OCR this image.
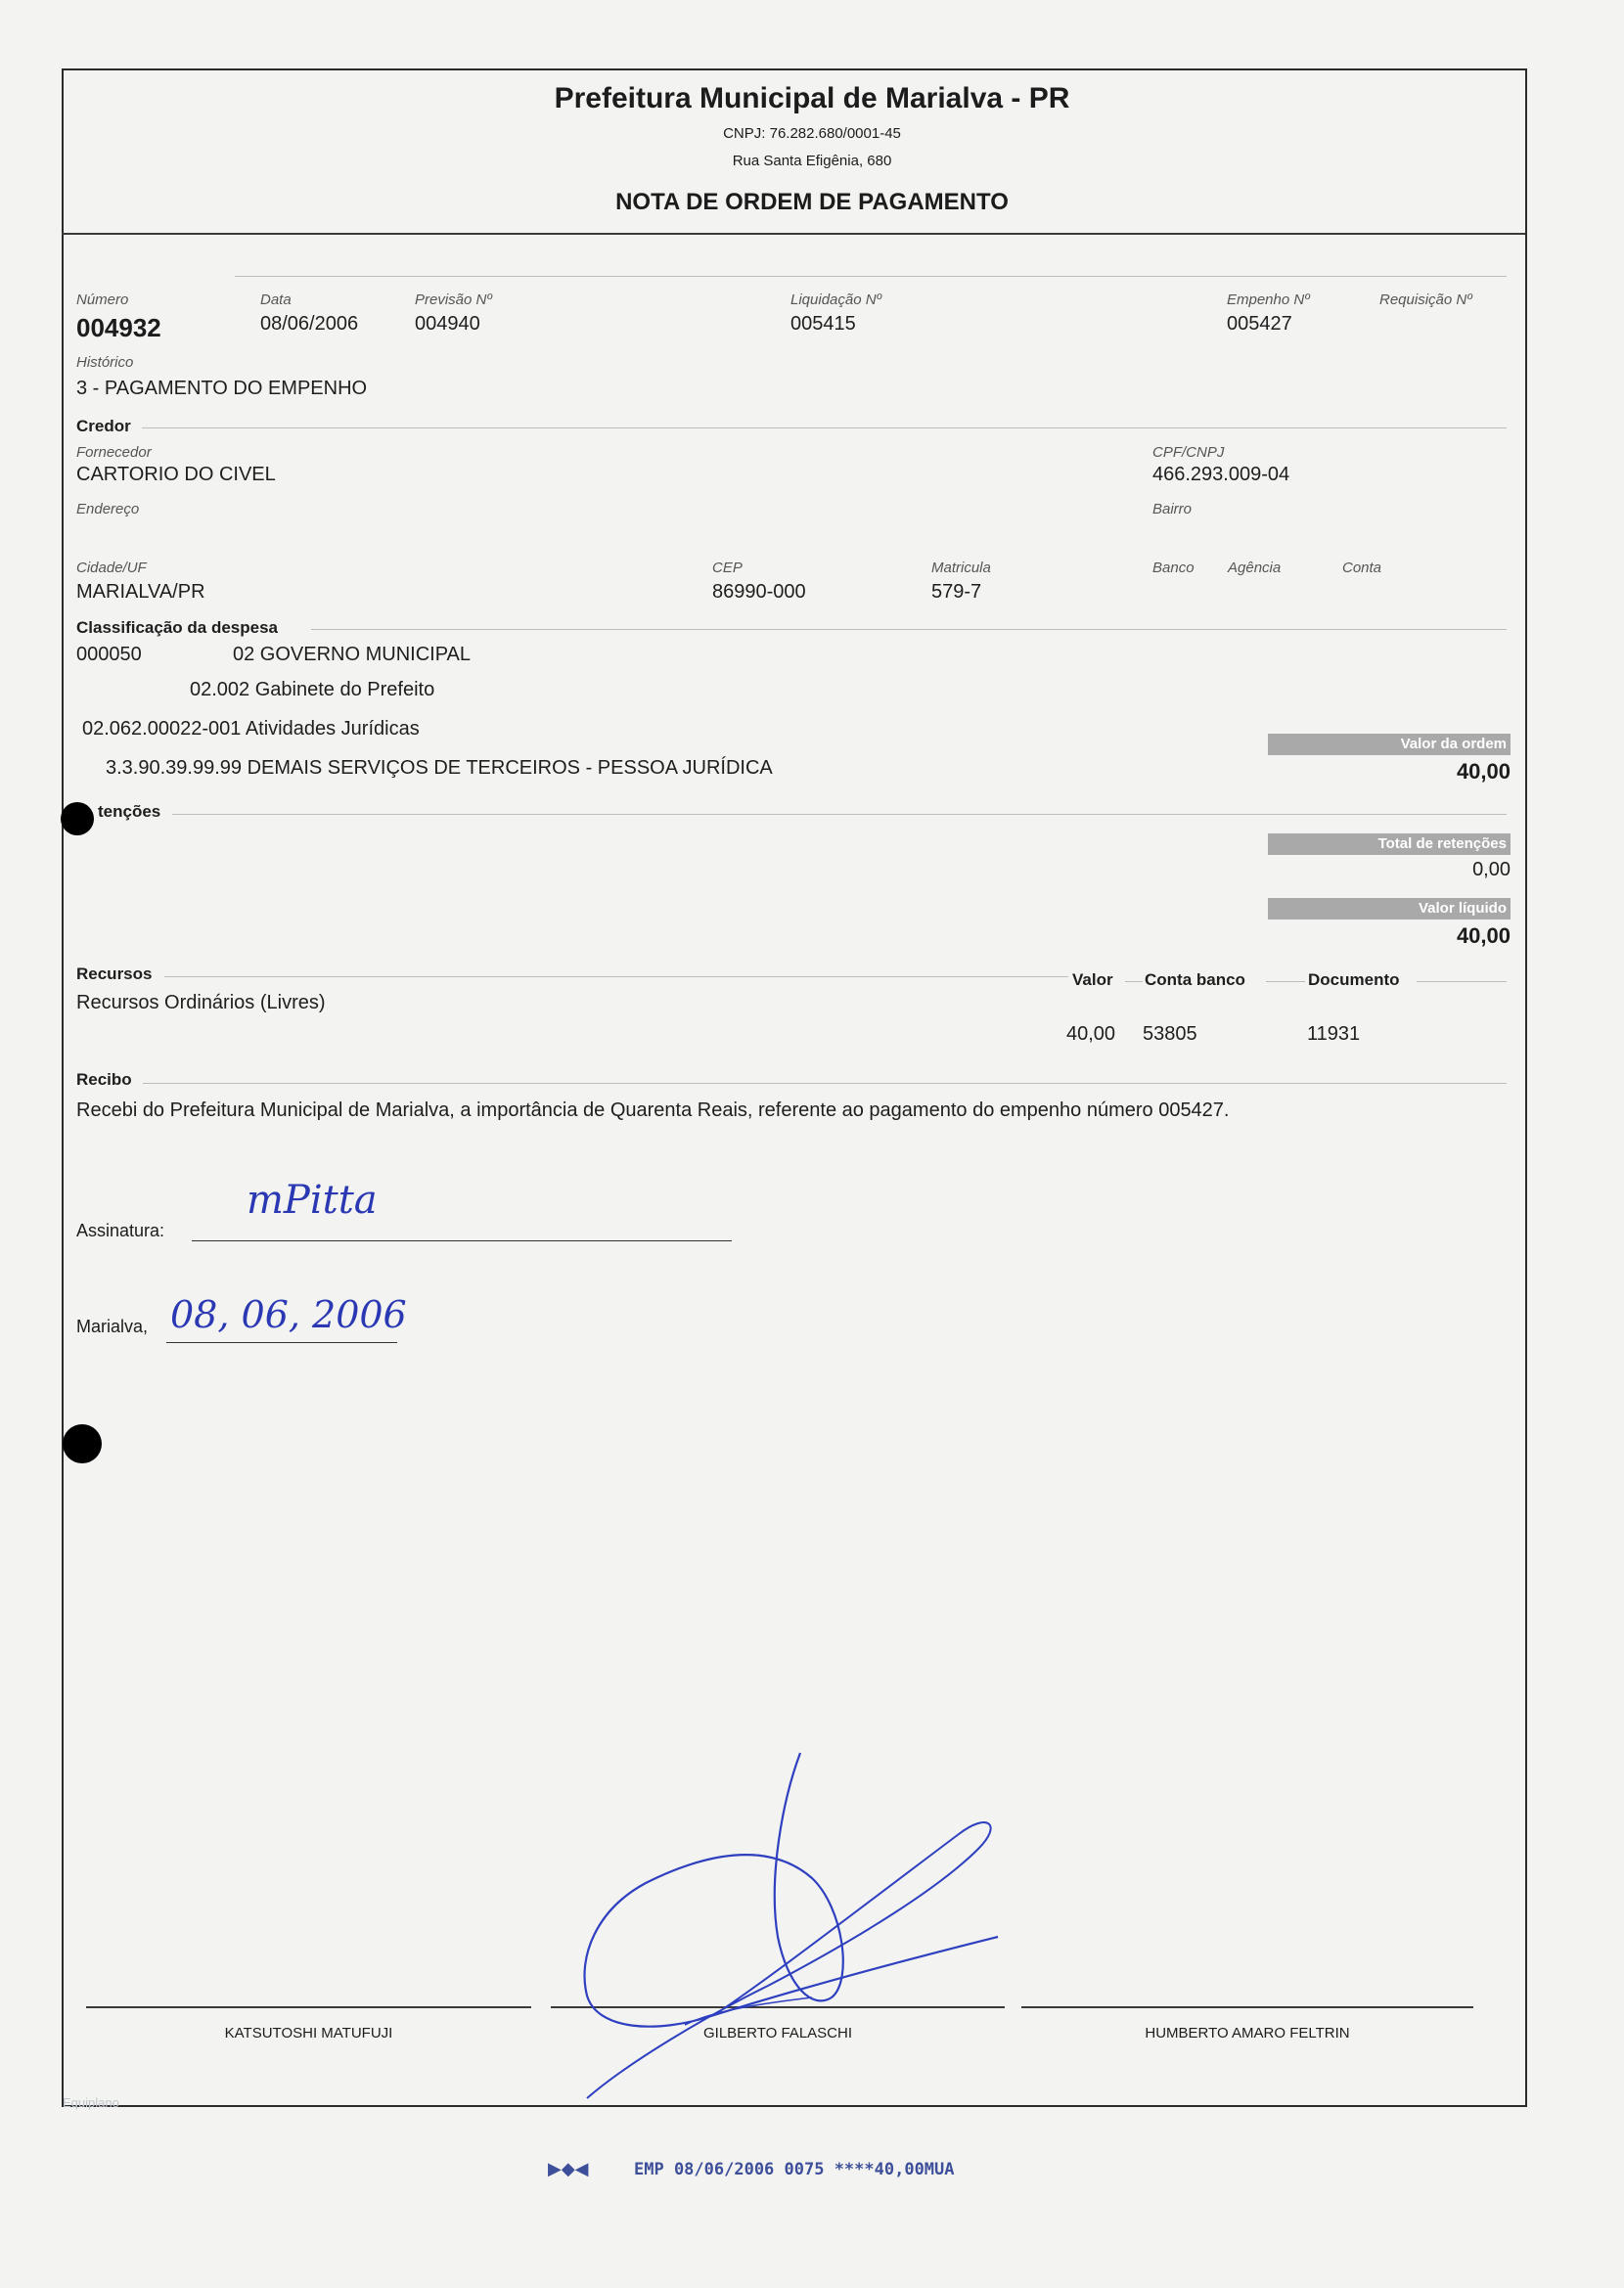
Prefeitura Municipal de Marialva - PR
CNPJ: 76.282.680/0001-45
Rua Santa Efigênia, 680
NOTA DE ORDEM DE PAGAMENTO
Número
004932
Data
08/06/2006
Previsão Nº
004940
Liquidação Nº
005415
Empenho Nº
005427
Requisição Nº
Histórico
3 - PAGAMENTO DO EMPENHO
Credor
Fornecedor
CARTORIO DO CIVEL
CPF/CNPJ
466.293.009-04
Endereço	Bairro
Cidade/UF
MARIALVA/PR
CEP
86990-000
Matricula
579-7
Banco Agência	Conta
Classificação da despesa
000050	02 GOVERNO MUNICIPAL
02.002 Gabinete do Prefeito
02.062.00022-001 Atividades Jurídicas
3.3.90.39.99.99 DEMAIS SERVIÇOS DE TERCEIROS - PESSOA JURÍDICA
Valor da ordem
40,00
tenções
Total de retenções
0,00
Valor líquido
40,00
Recursos	Valor Conta banco	Documento
Recursos Ordinários (Livres)
40,00 53805	11931
Recibo
Recebi do Prefeitura Municipal de Marialva, a importância de Quarenta Reais, referente ao pagamento do empenho número 005427.
Assinatura:
mPitta
Marialva, 08, 06, 2006
KATSUTOSHI MATUFUJI	GILBERTO FALASCHI	HUMBERTO AMARO FELTRIN
Equiplano
▶◆◀	EMP 08/06/2006 0075 ****40,00MUA
